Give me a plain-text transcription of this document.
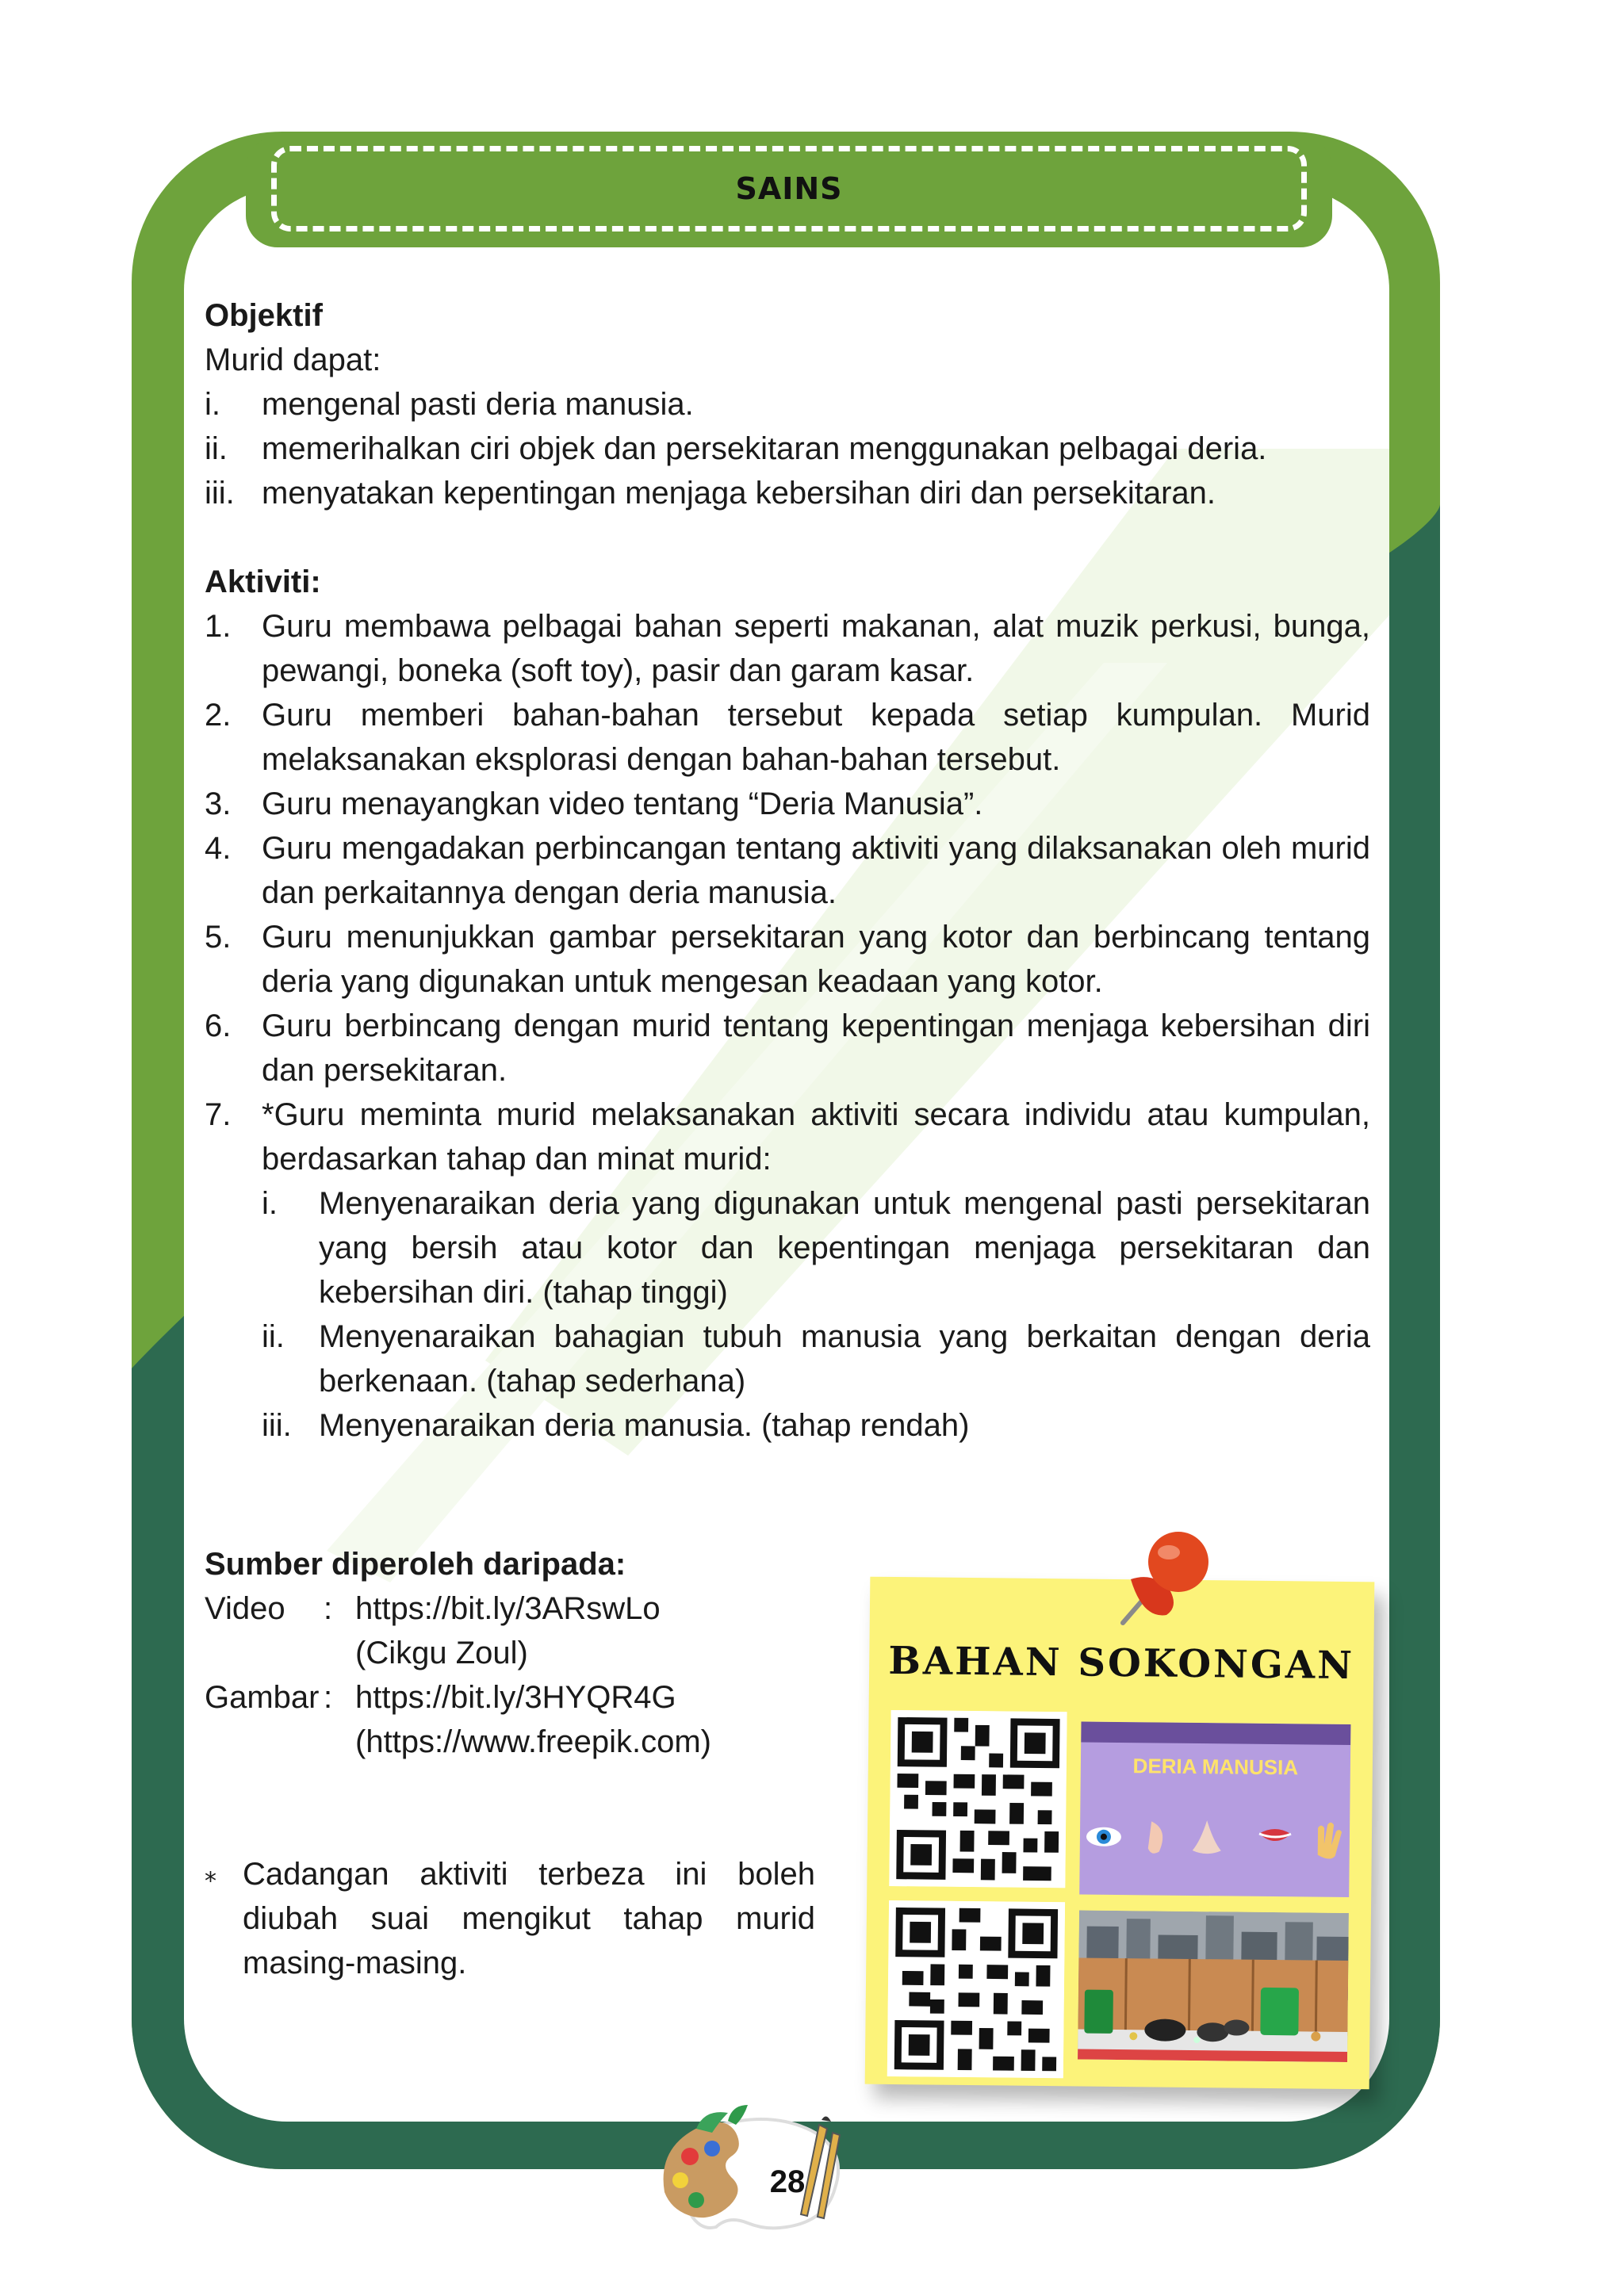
SAINS

Objektif

Murid dapat:

i.	mengenal pasti deria manusia.
ii.	memerihalkan ciri objek dan persekitaran menggunakan pelbagai deria.
iii. menyatakan kepentingan menjaga kebersihan diri dan persekitaran.

Aktiviti:

1. Guru membawa pelbagai bahan seperti makanan, alat muzik perkusi, bunga, pewangi, boneka (soft toy), pasir dan garam kasar.
2. Guru memberi bahan-bahan tersebut kepada setiap kumpulan. Murid melaksanakan eksplorasi dengan bahan-bahan tersebut.
3. Guru menayangkan video tentang “Deria Manusia”.
4. Guru mengadakan perbincangan tentang aktiviti yang dilaksanakan oleh murid dan perkaitannya dengan deria manusia.
5. Guru menunjukkan gambar persekitaran yang kotor dan berbincang tentang deria yang digunakan untuk mengesan keadaan yang kotor.
6. Guru berbincang dengan murid tentang kepentingan menjaga kebersihan diri dan persekitaran.
7. *Guru meminta murid melaksanakan aktiviti secara individu atau kumpulan, berdasarkan tahap dan minat murid:
i.	Menyenaraikan deria yang digunakan untuk mengenal pasti persekitaran yang bersih atau kotor dan kepentingan menjaga persekitaran dan kebersihan diri. (tahap tinggi)
ii.	Menyenaraikan bahagian tubuh manusia yang berkaitan dengan deria berkenaan. (tahap sederhana)
iii. Menyenaraikan deria manusia. (tahap rendah)

Sumber diperoleh daripada:

Video	: https://bit.ly/3ARswLo
(Cikgu Zoul)
Gambar : https://bit.ly/3HYQR4G
(https://www.freepik.com)
⁎ Cadangan aktiviti terbeza ini boleh diubah suai mengikut tahap murid masing-masing.
BAHAN SOKONGAN
DERIA MANUSIA
28
